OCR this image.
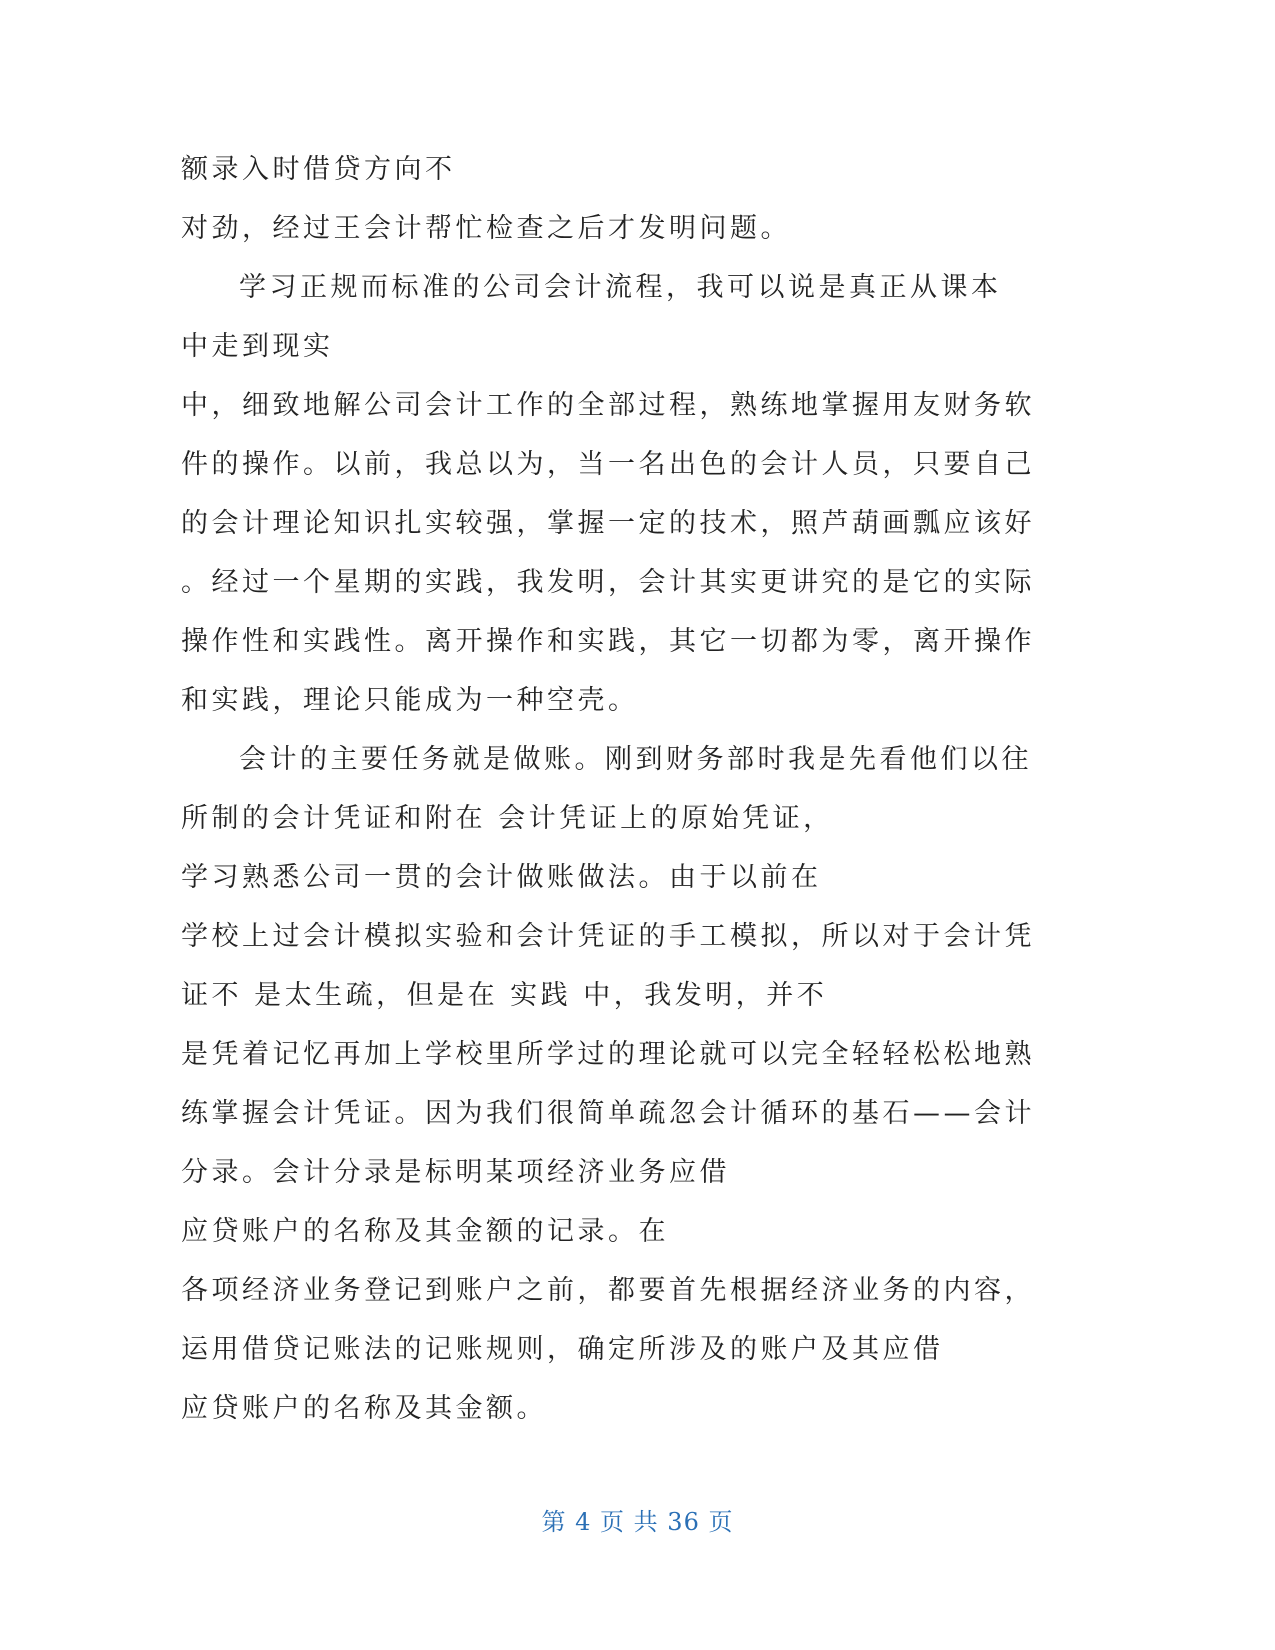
额录入时借贷方向不
对劲，经过王会计帮忙检查之后才发明问题。
学习正规而标准的公司会计流程，我可以说是真正从课本
中走到现实
中，细致地解公司会计工作的全部过程，熟练地掌握用友财务软
件的操作。以前，我总以为，当一名出色的会计人员，只要自己
的会计理论知识扎实较强，掌握一定的技术，照芦葫画瓢应该好
。经过一个星期的实践，我发明，会计其实更讲究的是它的实际
操作性和实践性。离开操作和实践，其它一切都为零，离开操作
和实践，理论只能成为一种空壳。
会计的主要任务就是做账。刚到财务部时我是先看他们以往
所制的会计凭证和附在 会计凭证上的原始凭证，
学习熟悉公司一贯的会计做账做法。由于以前在
学校上过会计模拟实验和会计凭证的手工模拟，所以对于会计凭
证不 是太生疏，但是在 实践 中，我发明，并不
是凭着记忆再加上学校里所学过的理论就可以完全轻轻松松地熟
练掌握会计凭证。因为我们很简单疏忽会计循环的基石——会计
分录。会计分录是标明某项经济业务应借
应贷账户的名称及其金额的记录。在
各项经济业务登记到账户之前，都要首先根据经济业务的内容，
运用借贷记账法的记账规则，确定所涉及的账户及其应借
应贷账户的名称及其金额。
第 4 页 共 36 页
